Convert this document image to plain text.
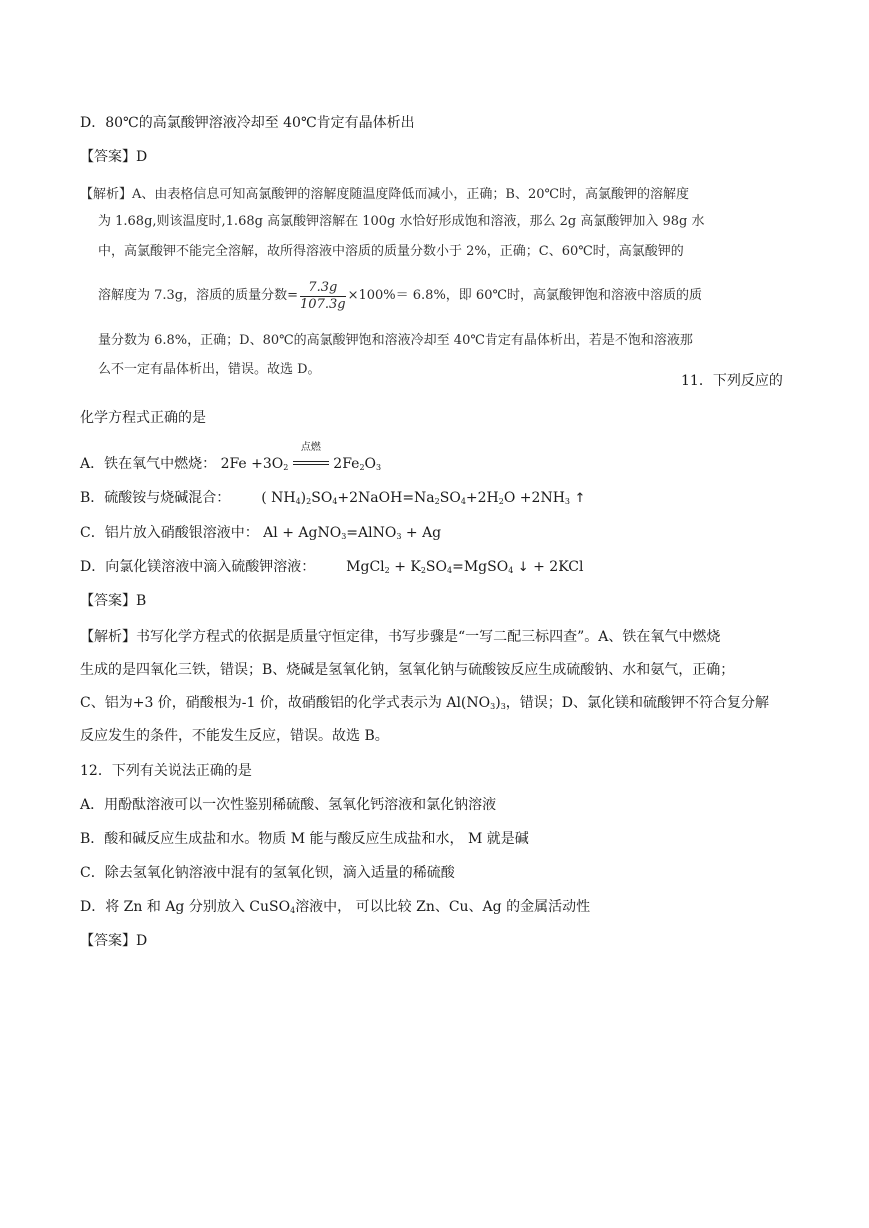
D．80℃的高氯酸钾溶液冷却至 40℃肯定有晶体析出
【答案】D
【解析】A、由表格信息可知高氯酸钾的溶解度随温度降低而减小，正确；B、20℃时，高氯酸钾的溶解度
为 1.68g,则该温度时,1.68g 高氯酸钾溶解在 100g 水恰好形成饱和溶液，那么 2g 高氯酸钾加入 98g 水
中，高氯酸钾不能完全溶解，故所得溶液中溶质的质量分数小于 2%，正确；C、60℃时，高氯酸钾的
溶解度为 7.3g，溶质的质量分数= $\frac{7.3g}{107.3g} \times 100\%= 6.8\%$，即 60℃时，高氯酸钾饱和溶液中溶质的质
量分数为 6.8%，正确；D、80℃的高氯酸钾饱和溶液冷却至 40℃肯定有晶体析出，若是不饱和溶液那
么不一定有晶体析出，错误。故选 D。
11．下列反应的
化学方程式正确的是
A．铁在氧气中燃烧： $2Fe +3O_2$
点燃
$2Fe_2O_3$
B．硫酸铵与烧碱混合： ( $NH_4)_2SO_4+2NaOH=Na_2SO_4+2H_2O +2NH_3$ ↑
C．铝片放入硝酸银溶液中： Al + AgNO$_3$=AlNO$_3$ + Ag
D．向氯化镁溶液中滴入硫酸钾溶液： MgCl$_2$ + $K_2SO_4=MgSO_4$ ↓ + 2KCl
【答案】B
【解析】书写化学方程式的依据是质量守恒定律，书写步骤是“一写二配三标四查”。A、铁在氧气中燃烧
生成的是四氧化三铁，错误；B、烧碱是氢氧化钠，氢氧化钠与硫酸铵反应生成硫酸钠、水和氨气，正确；
C、铝为+3 价，硝酸根为-1 价，故硝酸铝的化学式表示为 $Al(NO_3)_3$，错误；D、氯化镁和硫酸钾不符合复分解
反应发生的条件，不能发生反应，错误。故选 B。
12．下列有关说法正确的是
A．用酚酞溶液可以一次性鉴别稀硫酸、氢氧化钙溶液和氯化钠溶液
B．酸和碱反应生成盐和水。物质 M 能与酸反应生成盐和水， M 就是碱
C．除去氢氧化钠溶液中混有的氢氧化钡，滴入适量的稀硫酸
D．将 Zn 和 Ag 分别放入 CuSO$_4$溶液中， 可以比较 Zn、Cu、Ag 的金属活动性
【答案】D
